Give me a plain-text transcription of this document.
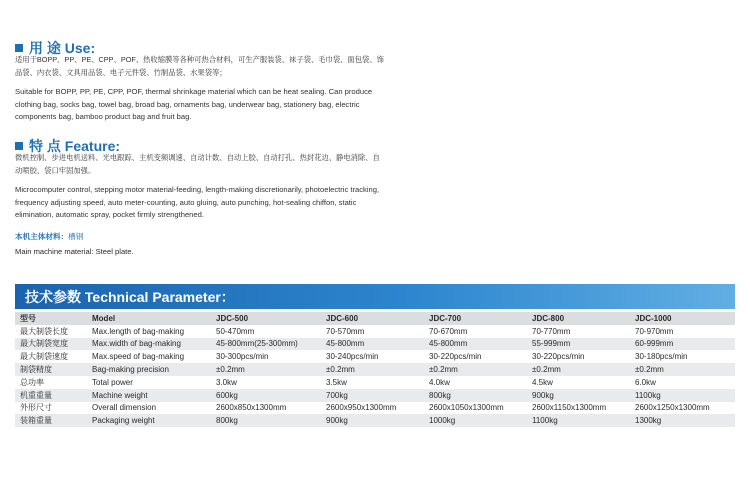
用 途 Use:

适用于BOPP、PP、PE、CPP、POF、热收缩膜等各种可热合材料，可生产服装袋、袜子袋、毛巾袋、面包袋、饰品袋、内衣袋、文具用品袋、电子元件袋、竹制品袋、水果袋等；

Suitable for BOPP, PP, PE, CPP, POF, thermal shrinkage material which can be heat sealing. Can produce clothing bag, socks bag, towel bag, broad bag, ornaments bag, underwear bag, stationery bag, electric components bag, bamboo product bag and fruit bag.

特 点 Feature:

微机控制、步进电机送料、光电跟踪、主机变频调速、自动计数、自动上胶、自动打孔、热封花边、静电消除、自动喷胶、袋口牢固加强。

Microcomputer control, stepping motor material-feeding, length-making discretionarily, photoelectric tracking, frequency adjusting speed, auto meter-counting, auto gluing, auto punching, hot-sealing chiffon, static elimination, automatic spray, pocket firmly strengthened.

本机主体材料：槽钢
Main machine material: Steel plate.
技术参数 Technical Parameter：
型号	Model	JDC-500	JDC-600	JDC-700	JDC-800	JDC-1000
最大制袋长度	Max.length of bag-making	50-470mm	70-570mm	70-670mm	70-770mm	70-970mm
最大制袋宽度	Max.width of bag-making	45-800mm(25-300mm)	45-800mm	45-800mm	55-999mm	60-999mm
最大制袋速度	Max.speed of bag-making	30-300pcs/min	30-240pcs/min	30-220pcs/min	30-220pcs/min	30-180pcs/min
制袋精度	Bag-making precision	±0.2mm	±0.2mm	±0.2mm	±0.2mm	±0.2mm
总功率	Total power	3.0kw	3.5kw	4.0kw	4.5kw	6.0kw
机重重量	Machine weight	600kg	700kg	800kg	900kg	1100kg
外形尺寸	Overall dimension	2600x850x1300mm	2600x950x1300mm	2600x1050x1300mm	2600x1150x1300mm	2600x1250x1300mm
装箱重量	Packaging weight	800kg	900kg	1000kg	1100kg	1300kg
